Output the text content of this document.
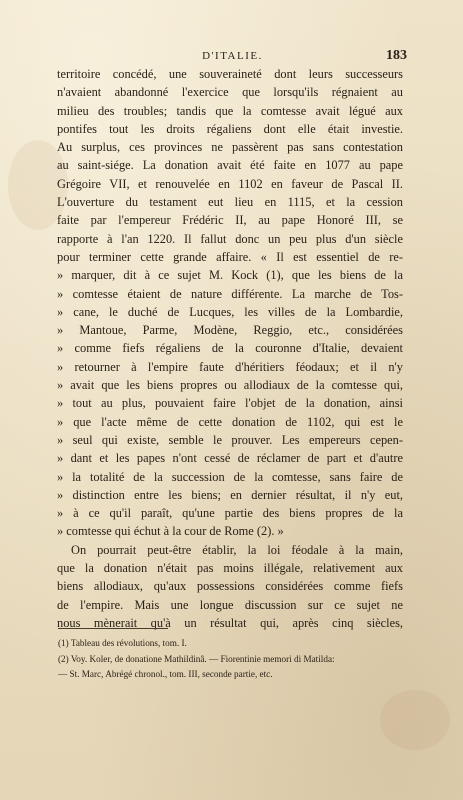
D'ITALIE.	183
territoire concédé, une souveraineté dont leurs successeurs
n'avaient abandonné l'exercice que lorsqu'ils régnaient au
milieu des troubles; tandis que la comtesse avait légué aux
pontifes tout les droits régaliens dont elle était investie.
Au surplus, ces provinces ne passèrent pas sans contestation
au saint-siége. La donation avait été faite en 1077 au pape
Grégoire VII, et renouvelée en 1102 en faveur de Pascal II.
L'ouverture du testament eut lieu en 1115, et la cession
faite par l'empereur Frédéric II, au pape Honoré III, se
rapporte à l'an 1220. Il fallut donc un peu plus d'un siècle
pour terminer cette grande affaire. « Il est essentiel de re-
» marquer, dit à ce sujet M. Kock (1), que les biens de la
» comtesse étaient de nature différente. La marche de Tos-
» cane, le duché de Lucques, les villes de la Lombardie,
» Mantoue, Parme, Modène, Reggio, etc., considérées
» comme fiefs régaliens de la couronne d'Italie, devaient
» retourner à l'empire faute d'héritiers féodaux; et il n'y
» avait que les biens propres ou allodiaux de la comtesse qui,
» tout au plus, pouvaient faire l'objet de la donation, ainsi
» que l'acte même de cette donation de 1102, qui est le
» seul qui existe, semble le prouver. Les empereurs cepen-
» dant et les papes n'ont cessé de réclamer de part et d'autre
» la totalité de la succession de la comtesse, sans faire de
» distinction entre les biens; en dernier résultat, il n'y eut,
» à ce qu'il paraît, qu'une partie des biens propres de la
» comtesse qui échut à la cour de Rome (2). »
On pourrait peut-être établir, la loi féodale à la main,
que la donation n'était pas moins illégale, relativement aux
biens allodiaux, qu'aux possessions considérées comme fiefs
de l'empire. Mais une longue discussion sur ce sujet ne
nous mènerait qu'à un résultat qui, après cinq siècles,
(1) Tableau des révolutions, tom. I.
(2) Voy. Koler, de donatione Mathildinâ. — Fiorentinie memori di Matilda:
— St. Marc, Abrégé chronol., tom. III, seconde partie, etc.
